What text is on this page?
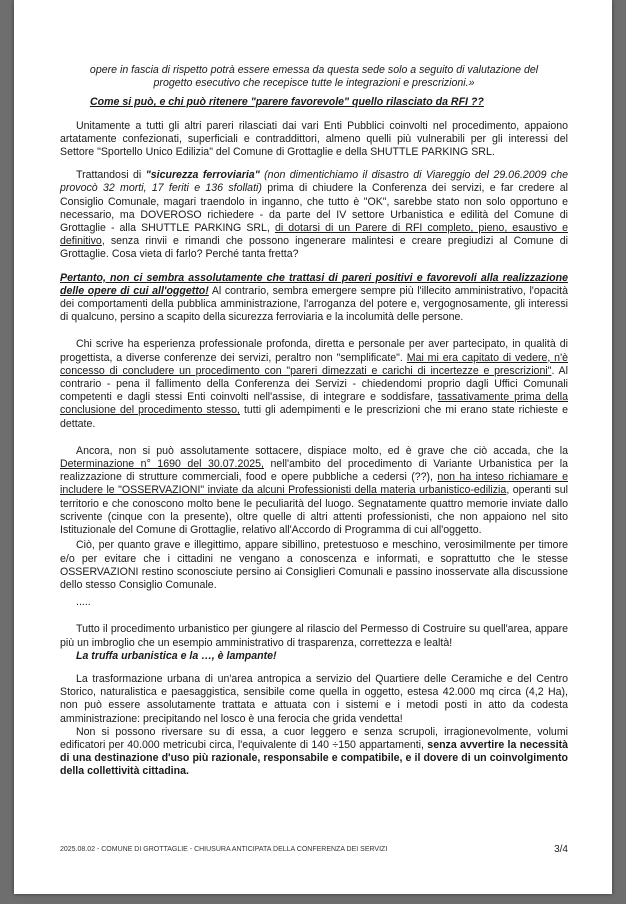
opere in fascia di rispetto potrà essere emessa da questa sede solo a seguito di valutazione del
progetto esecutivo che recepisce tutte le integrazioni e prescrizioni.»

Come si può, e chi può ritenere "parere favorevole" quello rilasciato da RFI ??

Unitamente a tutti gli altri pareri rilasciati dai vari Enti Pubblici coinvolti nel procedimento, appaiono artatamente confezionati, superficiali e contraddittori, almeno quelli più vulnerabili per gli interessi del Settore "Sportello Unico Edilizia" del Comune di Grottaglie e della SHUTTLE PARKING SRL.

Trattandosi di "sicurezza ferroviaria" (non dimentichiamo il disastro di Viareggio del 29.06.2009 che provocò 32 morti, 17 feriti e 136 sfollati) prima di chiudere la Conferenza dei servizi, e far credere al Consiglio Comunale, magari traendolo in inganno, che tutto è "OK", sarebbe stato non solo opportuno e necessario, ma DOVEROSO richiedere - da parte del IV settore Urbanistica e edilità del Comune di Grottaglie - alla SHUTTLE PARKING SRL, di dotarsi di un Parere di RFI completo, pieno, esaustivo e definitivo, senza rinvii e rimandi che possono ingenerare malintesi e creare pregiudizi al Comune di Grottaglie. Cosa vieta di farlo? Perché tanta fretta?

Pertanto, non ci sembra assolutamente che trattasi di pareri positivi e favorevoli alla realizzazione delle opere di cui all'oggetto! Al contrario, sembra emergere sempre più l'illecito amministrativo, l'opacità dei comportamenti della pubblica amministrazione, l'arroganza del potere e, vergognosamente, gli interessi di qualcuno, persino a scapito della sicurezza ferroviaria e la incolumità delle persone.

Chi scrive ha esperienza professionale profonda, diretta e personale per aver partecipato, in qualità di progettista, a diverse conferenze dei servizi, peraltro non "semplificate". Mai mi era capitato di vedere, n'è concesso di concludere un procedimento con "pareri dimezzati e carichi di incertezze e prescrizioni". Al contrario - pena il fallimento della Conferenza dei Servizi - chiedendomi proprio dagli Uffici Comunali competenti e dagli stessi Enti coinvolti nell'assise, di integrare e soddisfare, tassativamente prima della conclusione del procedimento stesso, tutti gli adempimenti e le prescrizioni che mi erano state richieste e dettate.

Ancora, non si può assolutamente sottacere, dispiace molto, ed è grave che ciò accada, che la Determinazione n° 1690 del 30.07.2025, nell'ambito del procedimento di Variante Urbanistica per la realizzazione di strutture commerciali, food e opere pubbliche a cedersi (??), non ha inteso richiamare e includere le "OSSERVAZIONI" inviate da alcuni Professionisti della materia urbanistico-edilizia, operanti sul territorio e che conoscono molto bene le peculiarità del luogo. Segnatamente quattro memorie inviate dallo scrivente (cinque con la presente), oltre quelle di altri attenti professionisti, che non appaiono nel sito Istituzionale del Comune di Grottaglie, relativo all'Accordo di Programma di cui all'oggetto.

Ciò, per quanto grave e illegittimo, appare sibillino, pretestuoso e meschino, verosimilmente per timore e/o per evitare che i cittadini ne vengano a conoscenza e informati, e soprattutto che le stesse OSSERVAZIONI restino sconosciute persino ai Consiglieri Comunali e passino inosservate alla discussione dello stesso Consiglio Comunale.

.....

Tutto il procedimento urbanistico per giungere al rilascio del Permesso di Costruire su quell'area, appare più un imbroglio che un esempio amministrativo di trasparenza, correttezza e lealtà!

La truffa urbanistica e la …, è lampante!

La trasformazione urbana di un'area antropica a servizio del Quartiere delle Ceramiche e del Centro Storico, naturalistica e paesaggistica, sensibile come quella in oggetto, estesa 42.000 mq circa (4,2 Ha), non può essere assolutamente trattata e attuata con i sistemi e i metodi posti in atto da codesta amministrazione: precipitando nel losco è una ferocia che grida vendetta!

Non si possono riversare su di essa, a cuor leggero e senza scrupoli, irragionevolmente, volumi edificatori per 40.000 metricubi circa, l'equivalente di 140 ÷150 appartamenti, senza avvertire la necessità di una destinazione d'uso più razionale, responsabile e compatibile, e il dovere di un coinvolgimento della collettività cittadina.

2025.08.02 - COMUNE DI GROTTAGLIE - CHIUSURA ANTICIPATA DELLA CONFERENZA DEI SERVIZI	3/4
